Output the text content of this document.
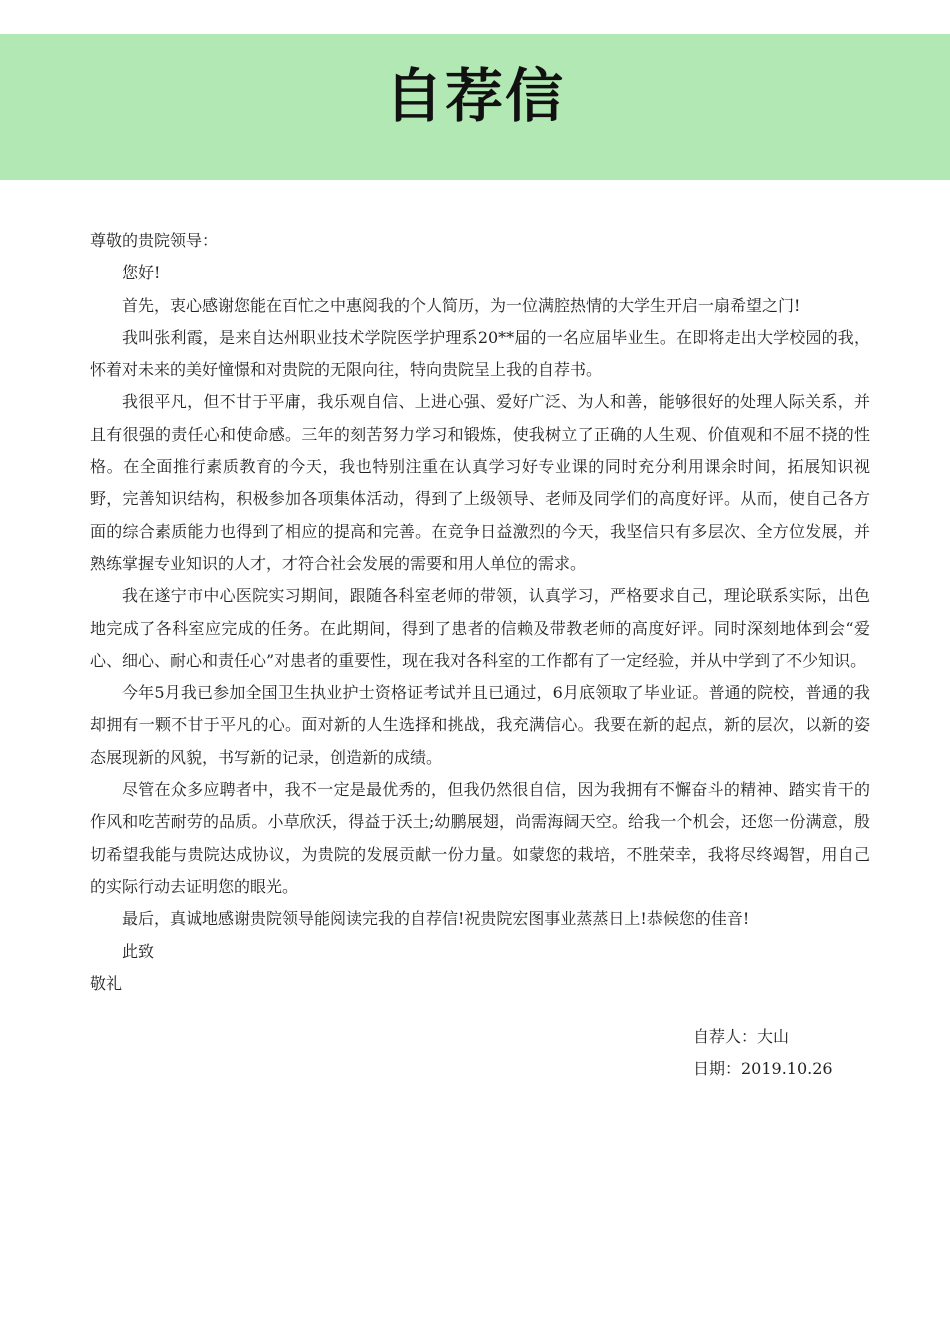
自荐信

尊敬的贵院领导：

您好!

首先，衷心感谢您能在百忙之中惠阅我的个人简历，为一位满腔热情的大学生开启一扇希望之门!

我叫张利霞，是来自达州职业技术学院医学护理系20**届的一名应届毕业生。在即将走出大学校园的我，怀着对未来的美好憧憬和对贵院的无限向往，特向贵院呈上我的自荐书。

我很平凡，但不甘于平庸，我乐观自信、上进心强、爱好广泛、为人和善，能够很好的处理人际关系，并且有很强的责任心和使命感。三年的刻苦努力学习和锻炼，使我树立了正确的人生观、价值观和不屈不挠的性格。在全面推行素质教育的今天，我也特别注重在认真学习好专业课的同时充分利用课余时间，拓展知识视野，完善知识结构，积极参加各项集体活动，得到了上级领导、老师及同学们的高度好评。从而，使自己各方面的综合素质能力也得到了相应的提高和完善。在竞争日益激烈的今天，我坚信只有多层次、全方位发展，并熟练掌握专业知识的人才，才符合社会发展的需要和用人单位的需求。

我在遂宁市中心医院实习期间，跟随各科室老师的带领，认真学习，严格要求自己，理论联系实际，出色地完成了各科室应完成的任务。在此期间，得到了患者的信赖及带教老师的高度好评。同时深刻地体到会“爱心、细心、耐心和责任心”对患者的重要性，现在我对各科室的工作都有了一定经验，并从中学到了不少知识。

今年5月我已参加全国卫生执业护士资格证考试并且已通过，6月底领取了毕业证。普通的院校，普通的我却拥有一颗不甘于平凡的心。面对新的人生选择和挑战，我充满信心。我要在新的起点，新的层次，以新的姿态展现新的风貌，书写新的记录，创造新的成绩。

尽管在众多应聘者中，我不一定是最优秀的，但我仍然很自信，因为我拥有不懈奋斗的精神、踏实肯干的作风和吃苦耐劳的品质。小草欣沃，得益于沃土;幼鹏展翅，尚需海阔天空。给我一个机会，还您一份满意，殷切希望我能与贵院达成协议，为贵院的发展贡献一份力量。如蒙您的栽培，不胜荣幸，我将尽终竭智，用自己的实际行动去证明您的眼光。

最后，真诚地感谢贵院领导能阅读完我的自荐信!祝贵院宏图事业蒸蒸日上!恭候您的佳音!

此致

敬礼

自荐人：大山

日期：2019.10.26
